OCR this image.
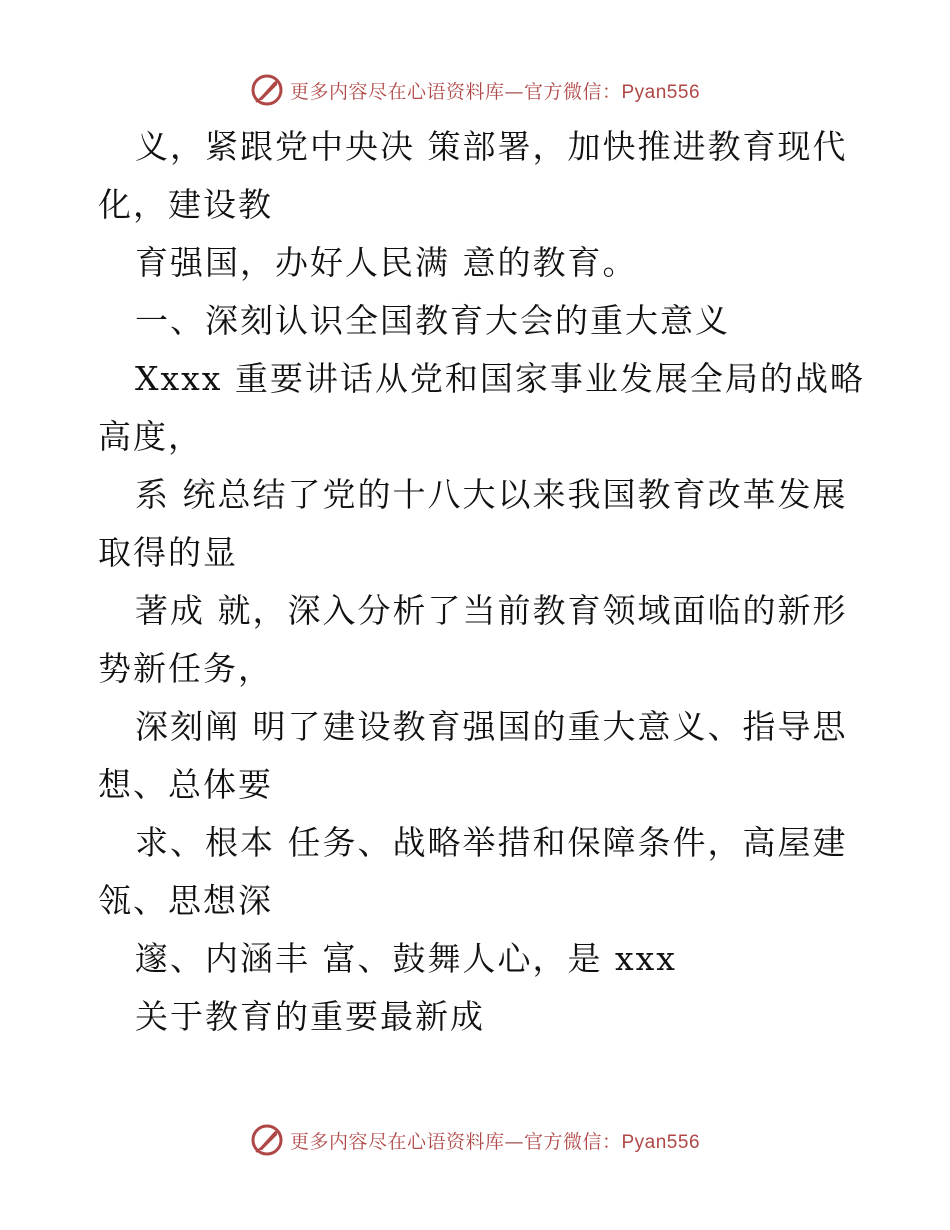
更多内容尽在心语资料库—官方微信：Pyan556
义，紧跟党中央决 策部署，加快推进教育现代
化，建设教
育强国，办好人民满 意的教育。
一、深刻认识全国教育大会的重大意义
Xxxx 重要讲话从党和国家事业发展全局的战略
高度，
系 统总结了党的十八大以来我国教育改革发展
取得的显
著成 就，深入分析了当前教育领域面临的新形
势新任务，
深刻阐 明了建设教育强国的重大意义、指导思
想、总体要
求、根本 任务、战略举措和保障条件，高屋建
瓴、思想深
邃、内涵丰 富、鼓舞人心，是 xxx
关于教育的重要最新成
更多内容尽在心语资料库—官方微信：Pyan556
